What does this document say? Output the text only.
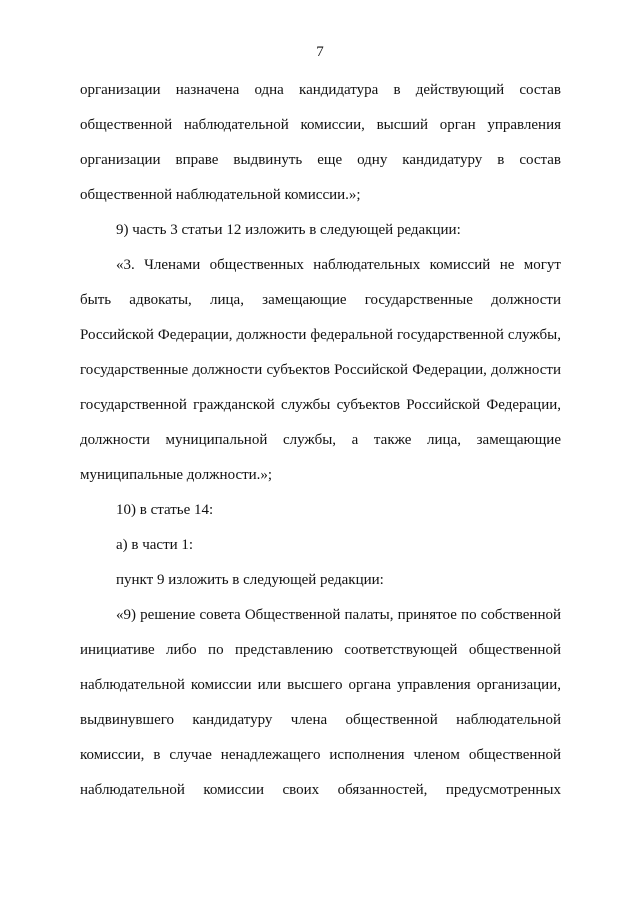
7
организации назначена одна кандидатура в действующий состав
общественной наблюдательной комиссии, высший орган управления
организации вправе выдвинуть еще одну кандидатуру в состав
общественной наблюдательной комиссии.»;
9) часть 3 статьи 12 изложить в следующей редакции:
«3. Членами общественных наблюдательных комиссий не могут
быть адвокаты, лица, замещающие государственные должности
Российской Федерации, должности федеральной государственной службы,
государственные должности субъектов Российской Федерации, должности
государственной гражданской службы субъектов Российской Федерации,
должности муниципальной службы, а также лица, замещающие
муниципальные должности.»;
10) в статье 14:
а) в части 1:
пункт 9 изложить в следующей редакции:
«9) решение совета Общественной палаты, принятое по собственной
инициативе либо по представлению соответствующей общественной
наблюдательной комиссии или высшего органа управления организации,
выдвинувшего кандидатуру члена общественной наблюдательной
комиссии, в случае ненадлежащего исполнения членом общественной
наблюдательной комиссии своих обязанностей, предусмотренных
